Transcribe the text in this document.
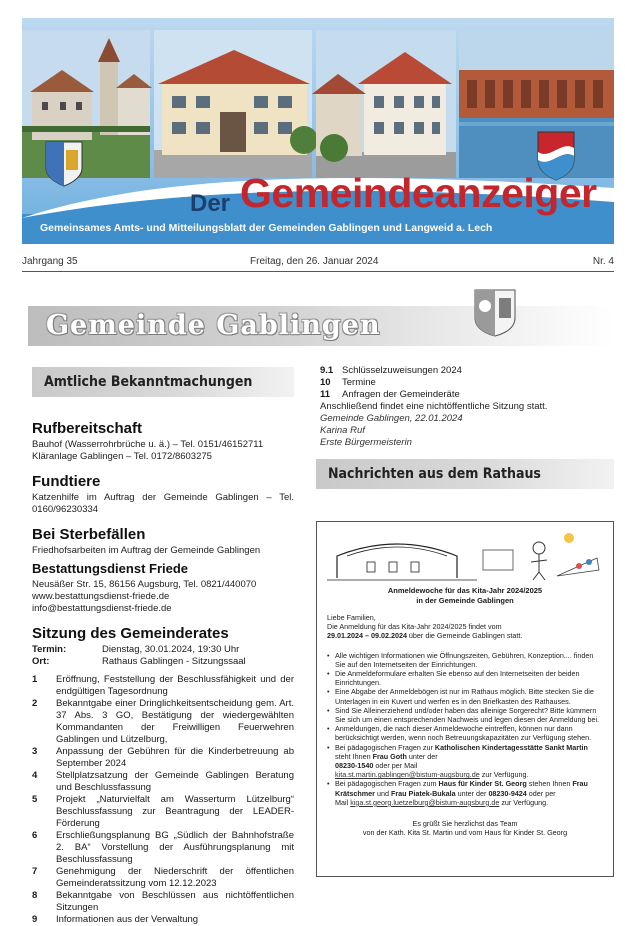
Der Gemeindeanzeiger
Gemeinsames Amts- und Mitteilungsblatt der Gemeinden Gablingen und Langweid a. Lech
Jahrgang 35	Freitag, den 26. Januar 2024	Nr. 4
Gemeinde Gablingen
Amtliche Bekanntmachungen
Rufbereitschaft
Bauhof (Wasserrohrbrüche u. ä.) – Tel. 0151/46152711
Kläranlage Gablingen – Tel. 0172/8603275
Fundtiere
Katzenhilfe im Auftrag der Gemeinde Gablingen – Tel. 0160/96230334
Bei Sterbefällen
Friedhofsarbeiten im Auftrag der Gemeinde Gablingen
Bestattungsdienst Friede
Neusäßer Str. 15, 86156 Augsburg, Tel. 0821/440070
www.bestattungsdienst-friede.de
info@bestattungsdienst-friede.de
Sitzung des Gemeinderates
Termin:	Dienstag, 30.01.2024, 19:30 Uhr
Ort:	Rathaus Gablingen - Sitzungssaal
1	Eröffnung, Feststellung der Beschlussfähigkeit und der endgültigen Tagesordnung
2	Bekanntgabe einer Dringlichkeitsentscheidung gem. Art. 37 Abs. 3 GO, Bestätigung der wiedergewählten Kommandanten der Freiwilligen Feuerwehren Gablingen und Lützelburg,
3	Anpassung der Gebühren für die Kinderbetreuung ab September 2024
4	Stellplatzsatzung der Gemeinde Gablingen Beratung und Beschlussfassung
5	Projekt „Naturvielfalt am Wasserturm Lützelburg“ Beschlussfassung zur Beantragung der LEADER-Förderung
6	Erschließungsplanung BG „Südlich der Bahnhofstraße 2. BA“ Vorstellung der Ausführungsplanung mit Beschlussfassung
7	Genehmigung der Niederschrift der öffentlichen Gemeinderatssitzung vom 12.12.2023
8	Bekanntgabe von Beschlüssen aus nichtöffentlichen Sitzungen
9	Informationen aus der Verwaltung
9.1 Schlüsselzuweisungen 2024
10	Termine
11	Anfragen der Gemeinderäte
Anschließend findet eine nichtöffentliche Sitzung statt.
Gemeinde Gablingen, 22.01.2024
Karina Ruf
Erste Bürgermeisterin
Nachrichten aus dem Rathaus
Anmeldewoche für das Kita-Jahr 2024/2025
in der Gemeinde Gablingen
Liebe Familien,
Die Anmeldung für das Kita-Jahr 2024/2025 findet vom
29.01.2024 – 09.02.2024 über die Gemeinde Gablingen statt.
• Alle wichtigen Informationen wie Öffnungszeiten, Gebühren, Konzeption.... finden Sie auf den Internetseiten der Einrichtungen.
• Die Anmeldeformulare erhalten Sie ebenso auf den Internetseiten der beiden Einrichtungen.
• Eine Abgabe der Anmeldebögen ist nur im Rathaus möglich. Bitte stecken Sie die Unterlagen in ein Kuvert und werfen es in den Briefkasten des Rathauses.
• Sind Sie Alleinerziehend und/oder haben das alleinige Sorgerecht? Bitte kümmern Sie sich um einen entsprechenden Nachweis und legen diesen der Anmeldung bei.
• Anmeldungen, die nach dieser Anmeldewoche eintreffen, können nur dann berücksichtigt werden, wenn noch Betreuungskapazitäten zur Verfügung stehen.
• Bei pädagogischen Fragen zur Katholischen Kindertagesstätte Sankt Martin steht Ihnen Frau Goth unter der
08230-1540 oder per Mail
kita.st.martin.gablingen@bistum-augsburg.de zur Verfügung.
• Bei pädagogischen Fragen zum Haus für Kinder St. Georg stehen Ihnen Frau Krätschmer und Frau Piatek-Bukala unter der 08230-9424 oder per
Mail kiga.st.georg.luetzelburg@bistum-augsburg.de zur Verfügung.
Es grüßt Sie herzlichst das Team
von der Kath. Kita St. Martin und vom Haus für Kinder St. Georg
